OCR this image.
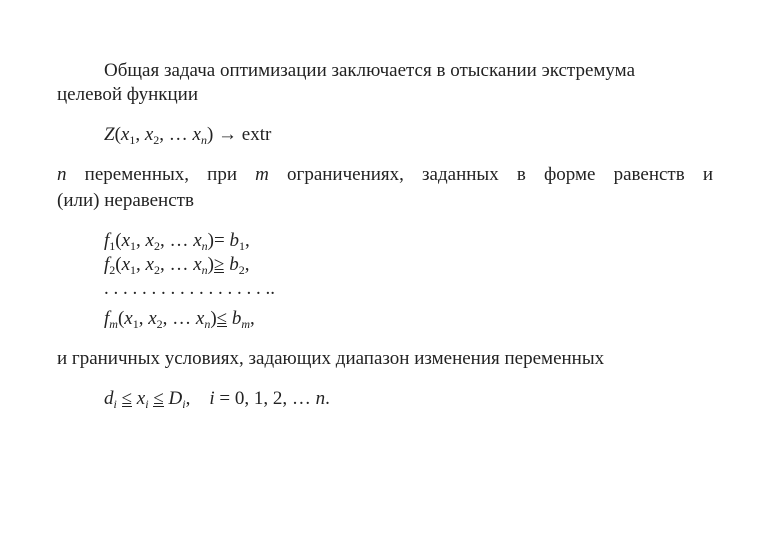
Общая задача оптимизации заключается в отыскании экстремума
целевой функции
$Z(x_1$, $x_2$, … $x_n$) → extr
n переменных, при m ограничениях, заданных в форме равенств и
(или) неравенств
$f_1(x_1$, $x_2$, … $x_n)= b_1$,
$f_2(x_1$, $x_2$, … $x_n)\ge b_2$,
. . . . . . . . . . . . . . . . . ..
$f_m(x_1$, $x_2$, … $x_n)\le b_m$,
и граничных условиях, задающих диапазон изменения переменных
$d_i \le x_i \le D_i$, i = 0, 1, 2, … n.
